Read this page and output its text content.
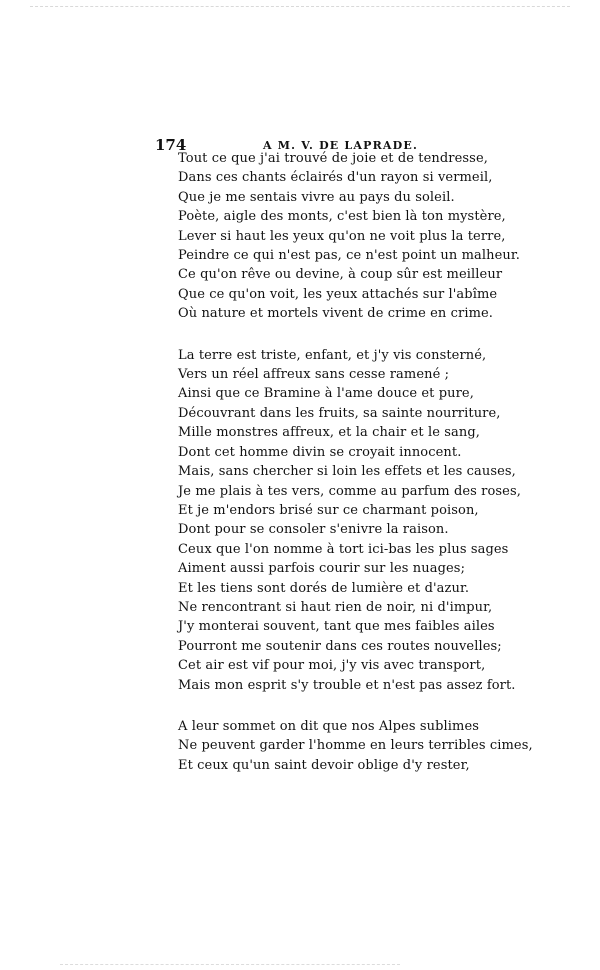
174	A M. V. DE LAPRADE.
Tout ce que j'ai trouvé de joie et de tendresse,
Dans ces chants éclairés d'un rayon si vermeil,
Que je me sentais vivre au pays du soleil.
Poète, aigle des monts, c'est bien là ton mystère,
Lever si haut les yeux qu'on ne voit plus la terre,
Peindre ce qui n'est pas, ce n'est point un malheur.
Ce qu'on rêve ou devine, à coup sûr est meilleur
Que ce qu'on voit, les yeux attachés sur l'abîme
Où nature et mortels vivent de crime en crime.
La terre est triste, enfant, et j'y vis consterné,
Vers un réel affreux sans cesse ramené ;
Ainsi que ce Bramine à l'ame douce et pure,
Découvrant dans les fruits, sa sainte nourriture,
Mille monstres affreux, et la chair et le sang,
Dont cet homme divin se croyait innocent.
Mais, sans chercher si loin les effets et les causes,
Je me plais à tes vers, comme au parfum des roses,
Et je m'endors brisé sur ce charmant poison,
Dont pour se consoler s'enivre la raison.
Ceux que l'on nomme à tort ici-bas les plus sages
Aiment aussi parfois courir sur les nuages;
Et les tiens sont dorés de lumière et d'azur.
Ne rencontrant si haut rien de noir, ni d'impur,
J'y monterai souvent, tant que mes faibles ailes
Pourront me soutenir dans ces routes nouvelles;
Cet air est vif pour moi, j'y vis avec transport,
Mais mon esprit s'y trouble et n'est pas assez fort.
A leur sommet on dit que nos Alpes sublimes
Ne peuvent garder l'homme en leurs terribles cimes,
Et ceux qu'un saint devoir oblige d'y rester,
